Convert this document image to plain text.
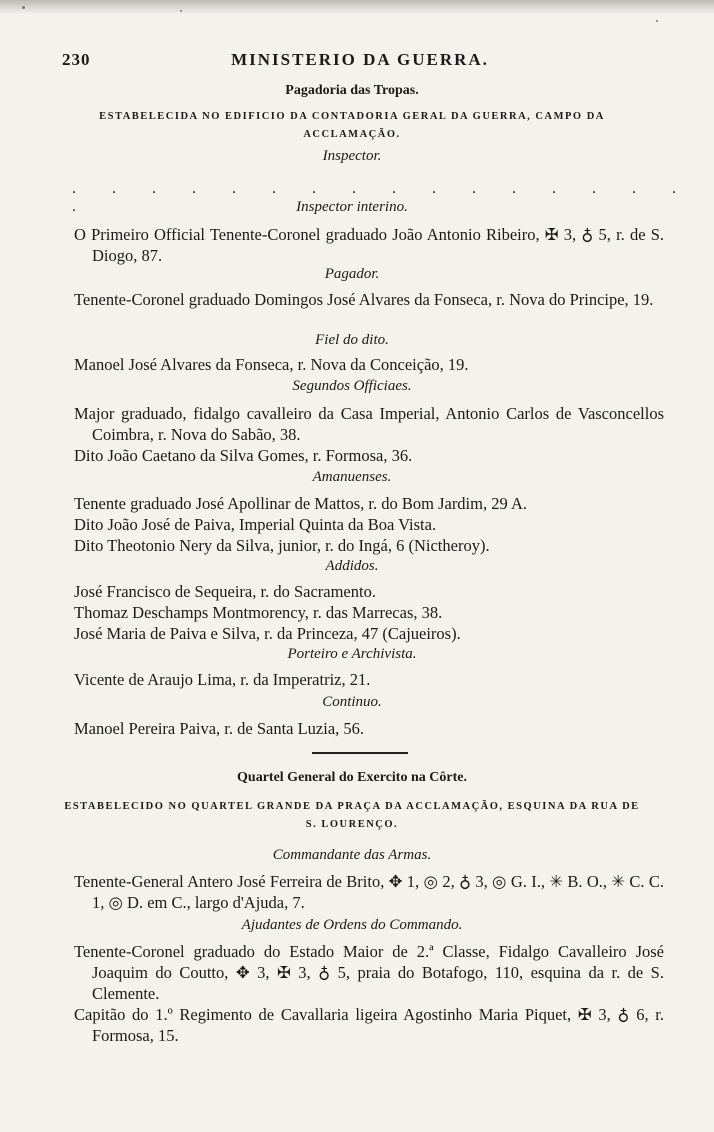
MINISTERIO DA GUERRA.
230
Pagadoria das Tropas.
ESTABELECIDA NO EDIFICIO DA CONTADORIA GERAL DA GUERRA, CAMPO DA ACCLAMAÇÃO.
Inspector.
. . . . . . . . . . . . . . . . .	Inspector interino.
O Primeiro Official Tenente-Coronel graduado João Antonio Ribeiro, ✠ 3, ♁ 5, r. de S. Diogo, 87.
Pagador.
Tenente-Coronel graduado Domingos José Alvares da Fonseca, r. Nova do Principe, 19.
Fiel do dito.
Manoel José Alvares da Fonseca, r. Nova da Conceição, 19.
Segundos Officiaes.
Major graduado, fidalgo cavalleiro da Casa Imperial, Antonio Carlos de Vasconcellos Coimbra, r. Nova do Sabão, 38.
Dito João Caetano da Silva Gomes, r. Formosa, 36.
Amanuenses.
Tenente graduado José Apollinar de Mattos, r. do Bom Jardim, 29 A.
Dito João José de Paiva, Imperial Quinta da Boa Vista.
Dito Theotonio Nery da Silva, junior, r. do Ingá, 6 (Nictheroy).
Addidos.
José Francisco de Sequeira, r. do Sacramento.
Thomaz Deschamps Montmorency, r. das Marrecas, 38.
José Maria de Paiva e Silva, r. da Princeza, 47 (Cajueiros).
Porteiro e Archivista.
Vicente de Araujo Lima, r. da Imperatriz, 21.
Continuo.
Manoel Pereira Paiva, r. de Santa Luzia, 56.
Quartel General do Exercito na Côrte.
ESTABELECIDO NO QUARTEL GRANDE DA PRAÇA DA ACCLAMAÇÃO, ESQUINA DA RUA DE S. LOURENÇO.
Commandante das Armas.
Tenente-General Antero José Ferreira de Brito, ✥ 1, ◎ 2, ♁ 3, ◎ G. I., ✳ B. O., ✳ C. C. 1, ◎ D. em C., largo d'Ajuda, 7.
Ajudantes de Ordens do Commando.
Tenente-Coronel graduado do Estado Maior de 2.ª Classe, Fidalgo Cavalleiro José Joaquim do Coutto, ✥ 3, ✠ 3, ♁ 5, praia do Botafogo, 110, esquina da r. de S. Clemente.
Capitão do 1.º Regimento de Cavallaria ligeira Agostinho Maria Piquet, ✠ 3, ♁ 6, r. Formosa, 15.
